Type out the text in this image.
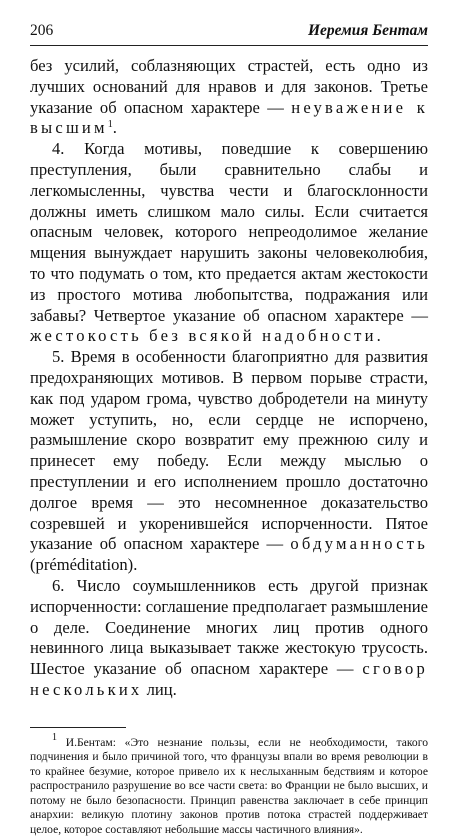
206	Иеремия Бентам

без усилий, соблазняющих страстей, есть одно из лучших оснований для нравов и для законов. Третье указание об опасном характере — неуважение к высшим$^1$.

4. Когда мотивы, поведшие к совершению преступления, были сравнительно слабы и легкомысленны, чувства чести и благосклонности должны иметь слишком мало силы. Если считается опасным человек, которого непреодолимое желание мщения вынуждает нарушить законы человеколюбия, то что подумать о том, кто предается актам жестокости из простого мотива любопытства, подражания или забавы? Четвертое указание об опасном характере — жестокость без всякой надобности.

5. Время в особенности благоприятно для развития предохраняющих мотивов. В первом порыве страсти, как под ударом грома, чувство добродетели на минуту может уступить, но, если сердце не испорчено, размышление скоро возвратит ему прежнюю силу и принесет ему победу. Если между мыслью о преступлении и его исполнением прошло достаточно долгое время — это несомненное доказательство созревшей и укоренившейся испорченности. Пятое указание об опасном характере — обдуманность (préméditation).

6. Число соумышленников есть другой признак испорченности: соглашение предполагает размышление о деле. Соединение многих лиц против одного невинного лица выказывает также жестокую трусость. Шестое указание об опасном характере — сговор нескольких лиц.

$^1$ И.Бентам: «Это незнание пользы, если не необходимости, такого подчинения и было причиной того, что французы впали во время революции в то крайнее безумие, которое привело их к неслыханным бедствиям и которое распространило разрушение во все части света: во Франции не было высших, и потому не было безопасности. Принцип равенства заключает в себе принцип анархии: великую плотину законов против потока страстей поддерживает целое, которое составляют небольшие массы частичного влияния».
